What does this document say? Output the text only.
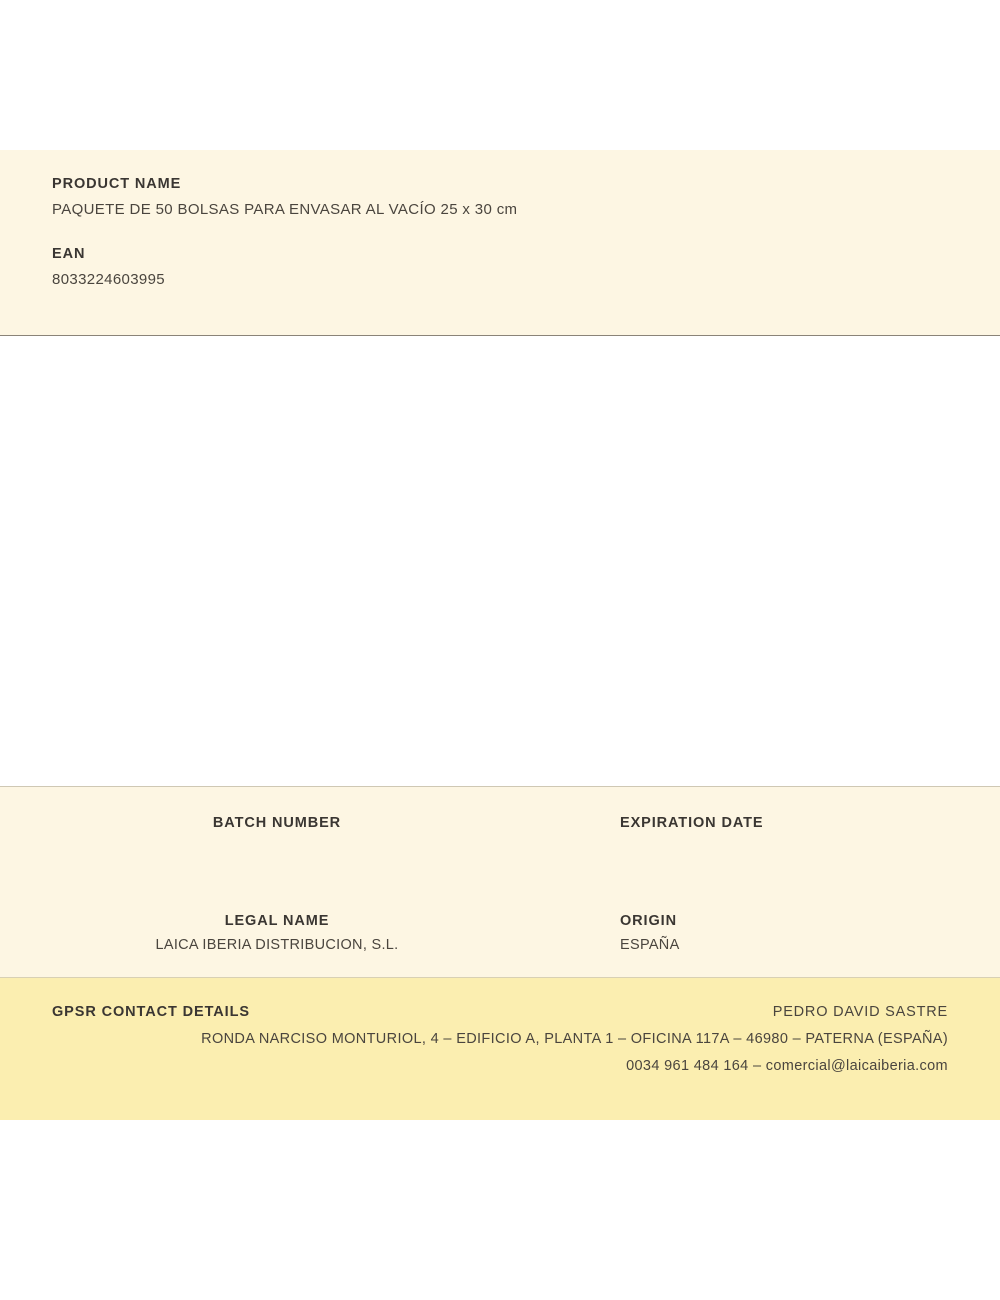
PRODUCT NAME

PAQUETE DE 50 BOLSAS PARA ENVASAR AL VACÍO 25 x 30 cm

EAN

8033224603995

BATCH NUMBER	EXPIRATION DATE

LEGAL NAME

LAICA IBERIA DISTRIBUCION, S.L.

ORIGIN

ESPAÑA

GPSR CONTACT DETAILS	PEDRO DAVID SASTRE
RONDA NARCISO MONTURIOL, 4 – EDIFICIO A, PLANTA 1 – OFICINA 117A – 46980 – PATERNA (ESPAÑA)
0034 961 484 164 – comercial@laicaiberia.com
